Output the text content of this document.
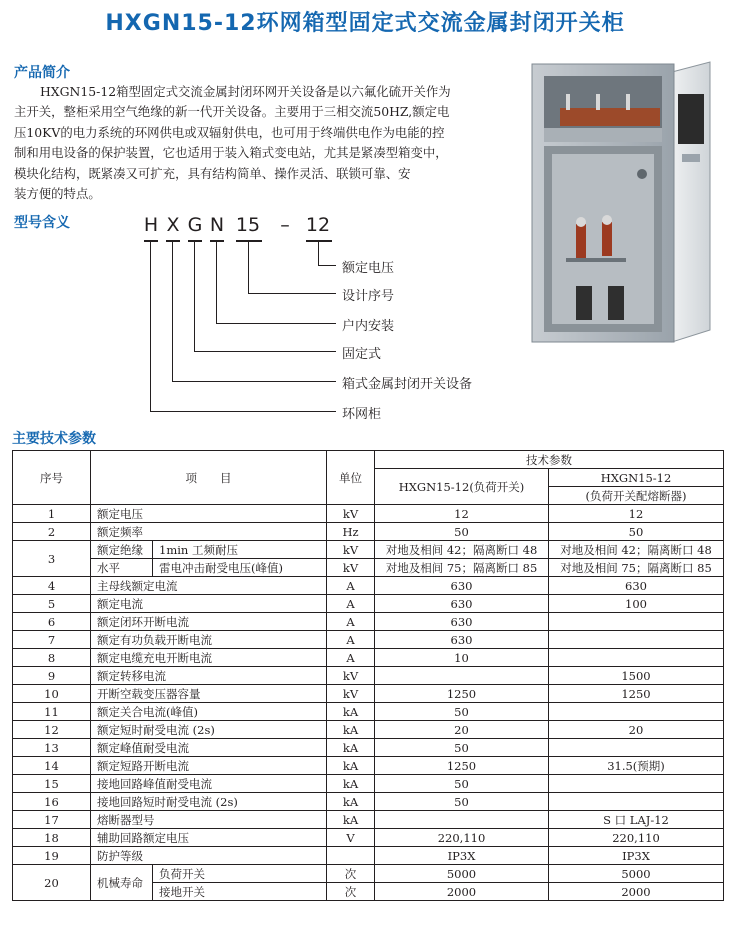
HXGN15-12环网箱型固定式交流金属封闭开关柜
产品简介
HXGN15-12箱型固定式交流金属封闭环网开关设备是以六氟化硫开关作为
主开关，整柜采用空气绝缘的新一代开关设备。主要用于三相交流50HZ,额定电
压10KV的电力系统的环网供电或双辐射供电，也可用于终端供电作为电能的控
制和用电设备的保护装置，它也适用于装入箱式变电站，尤其是紧凑型箱变中，
模块化结构，既紧凑又可扩充，具有结构简单、操作灵活、联锁可靠、安
装方便的特点。
型号含义	H X G N 15	– 12
额定电压
设计序号
户内安装
固定式
箱式金属封闭开关设备
环网柜
主要技术参数
序号	项　　目		单位	技术参数	
				HXGN15-12(负荷开关)	HXGN15-12
					(负荷开关配熔断器)
1	额定电压		kV	12	12
2	额定频率		Hz	50	50
3	额定绝缘	1min 工频耐压	kV	对地及相间 42；隔离断口 48	对地及相间 42；隔离断口 48
	水平	雷电冲击耐受电压(峰值)	kV	对地及相间 75；隔离断口 85	对地及相间 75；隔离断口 85
4	主母线额定电流		A	630	630
5	额定电流		A	630	100
6	额定闭环开断电流		A	630	
7	额定有功负载开断电流		A	630	
8	额定电缆充电开断电流		A	10	
9	额定转移电流		kV		1500
10	开断空载变压器容量		kV	1250	1250
11	额定关合电流(峰值)		kA	50	
12	额定短时耐受电流 (2s)		kA	20	20
13	额定峰值耐受电流		kA	50	
14	额定短路开断电流		kA	1250	31.5(预期)
15	接地回路峰值耐受电流		kA	50	
16	接地回路短时耐受电流 (2s)		kA	50	
17	熔断器型号		kA		S 口 LAJ-12
18	辅助回路额定电压		V	220,110	220,110
19	防护等级			IP3X	IP3X
20	机械寿命	负荷开关	次	5000	5000
		接地开关	次	2000	2000
